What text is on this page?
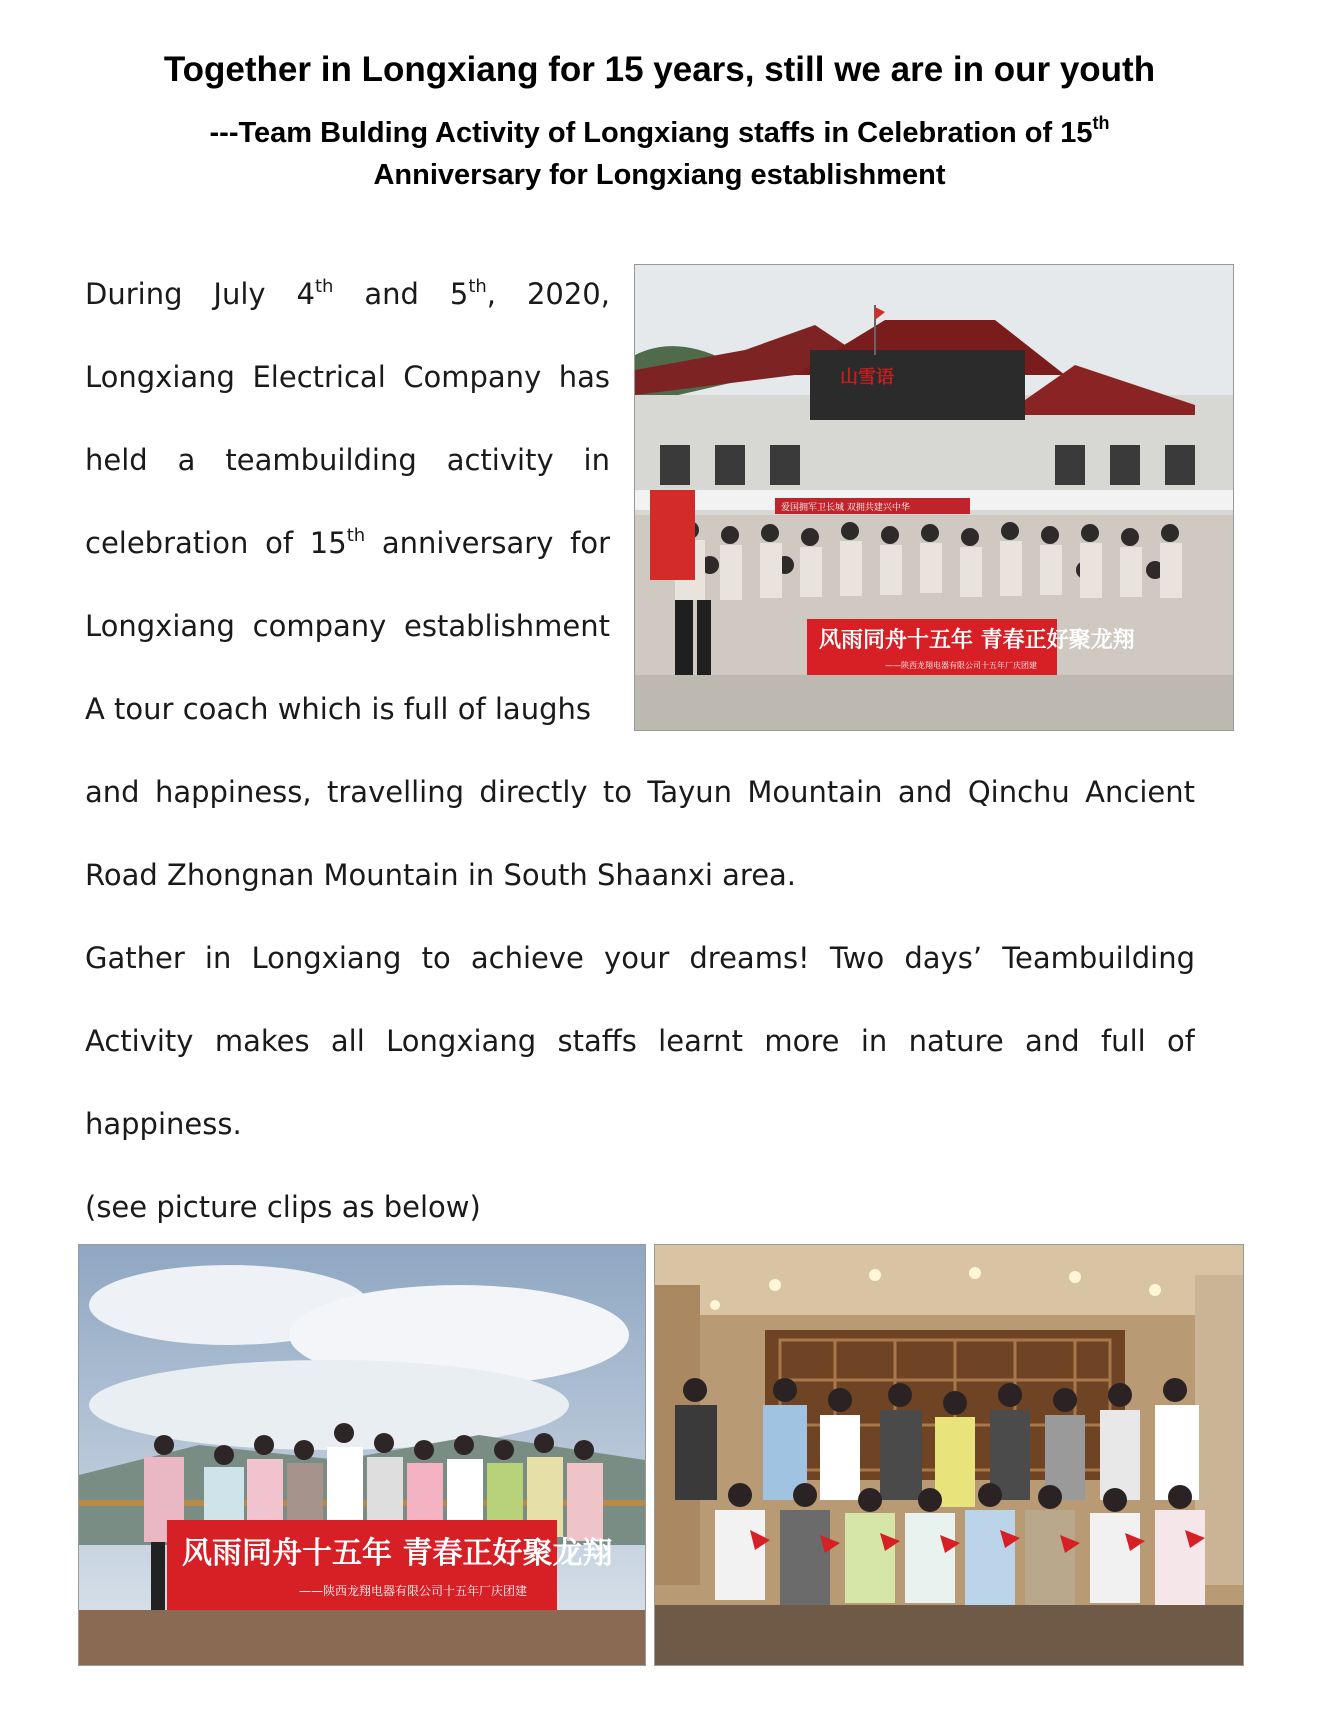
Together in Longxiang for 15 years, still we are in our youth

---Team Bulding Activity of Longxiang staffs in Celebration of 15th
Anniversary for Longxiang establishment

During July 4th and 5th, 2020,
Longxiang Electrical Company has
held a teambuilding activity in
celebration of 15th anniversary for
Longxiang company establishment
A tour coach which is full of laughs
山雪语
爱国拥军卫长城 双拥共建兴中华
风雨同舟十五年 青春正好聚龙翔
——陕西龙翔电器有限公司十五年厂庆团建
and happiness, travelling directly to Tayun Mountain and Qinchu Ancient
Road Zhongnan Mountain in South Shaanxi area.
Gather in Longxiang to achieve your dreams! Two days’ Teambuilding
Activity makes all Longxiang staffs learnt more in nature and full of
happiness.
(see picture clips as below)
风雨同舟十五年 青春正好聚龙翔
——陕西龙翔电器有限公司十五年厂庆团建
